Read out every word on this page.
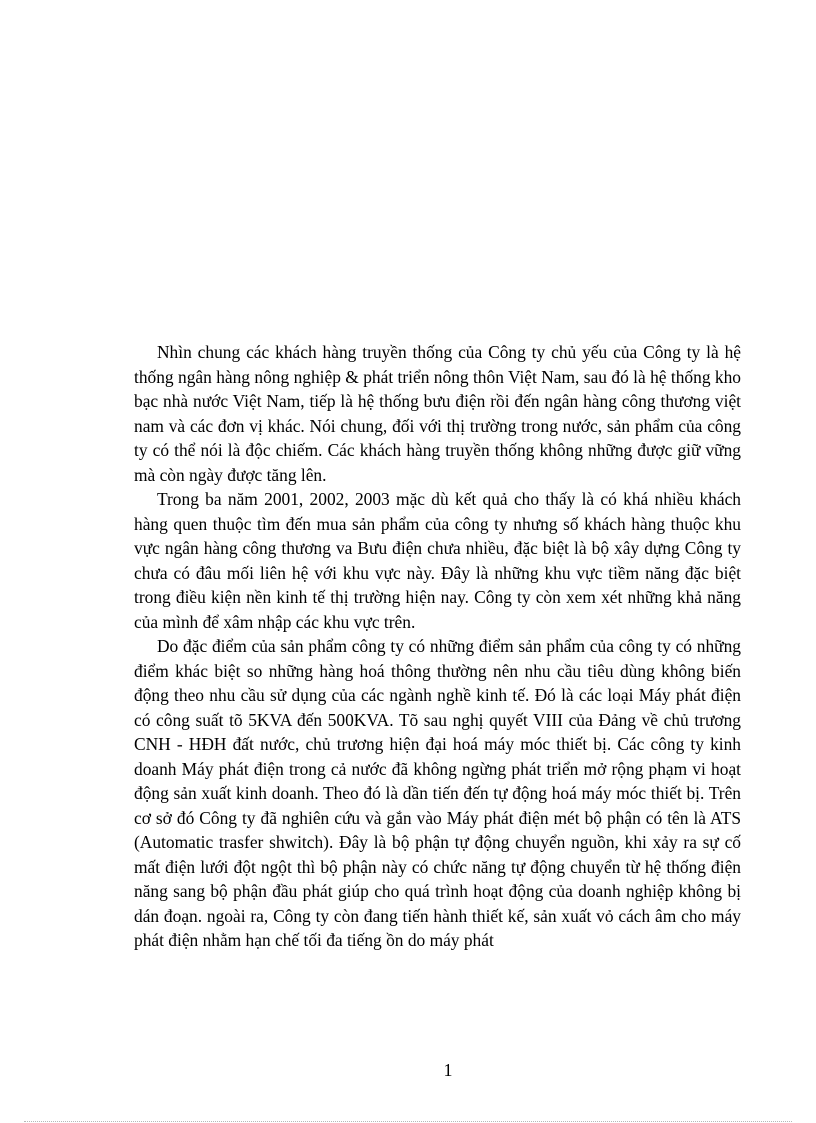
Nhìn chung các khách hàng truyền thống của Công ty chủ yếu của Công ty là hệ thống ngân hàng nông nghiệp & phát triển nông thôn Việt Nam, sau đó là hệ thống kho bạc nhà nước Việt Nam, tiếp là hệ thống bưu điện rồi đến ngân hàng công thương việt nam và các đơn vị khác. Nói chung, đối với thị trường trong nước, sản phẩm của công ty có thể nói là độc chiếm. Các khách hàng truyền thống không những được giữ vững mà còn ngày được tăng lên.

Trong ba năm 2001, 2002, 2003 mặc dù kết quả cho thấy là có khá nhiều khách hàng quen thuộc tìm đến mua sản phẩm của công ty nhưng số khách hàng thuộc khu vực ngân hàng công thương va Bưu điện chưa nhiều, đặc biệt là bộ xây dựng Công ty chưa có đâu mối liên hệ với khu vực này. Đây là những khu vực tiềm năng đặc biệt trong điều kiện nền kinh tế thị trường hiện nay. Công ty còn xem xét những khả năng của mình để xâm nhập các khu vực trên.

Do đặc điểm của sản phẩm công ty có những điểm sản phẩm của công ty có những điểm khác biệt so những hàng hoá thông thường nên nhu cầu tiêu dùng không biến động theo nhu cầu sử dụng của các ngành nghề kinh tế. Đó là các loại Máy phát điện có công suất tõ 5KVA đến 500KVA. Tõ sau nghị quyết VIII của Đảng về chủ trương CNH - HĐH đất nước, chủ trương hiện đại hoá máy móc thiết bị. Các công ty kinh doanh Máy phát điện trong cả nước đã không ngừng phát triển mở rộng phạm vi hoạt động sản xuất kinh doanh. Theo đó là dần tiến đến tự động hoá máy móc thiết bị. Trên cơ sở đó Công ty đã nghiên cứu và gắn vào Máy phát điện mét bộ phận có tên là ATS (Automatic trasfer shwitch). Đây là bộ phận tự động chuyển nguồn, khi xảy ra sự cố mất điện lưới đột ngột thì bộ phận này có chức năng tự động chuyển từ hệ thống điện năng sang bộ phận đầu phát giúp cho quá trình hoạt động của doanh nghiệp không bị dán đoạn. ngoài ra, Công ty còn đang tiến hành thiết kế, sản xuất vỏ cách âm cho máy phát điện nhằm hạn chế tối đa tiếng ồn do máy phát

1
